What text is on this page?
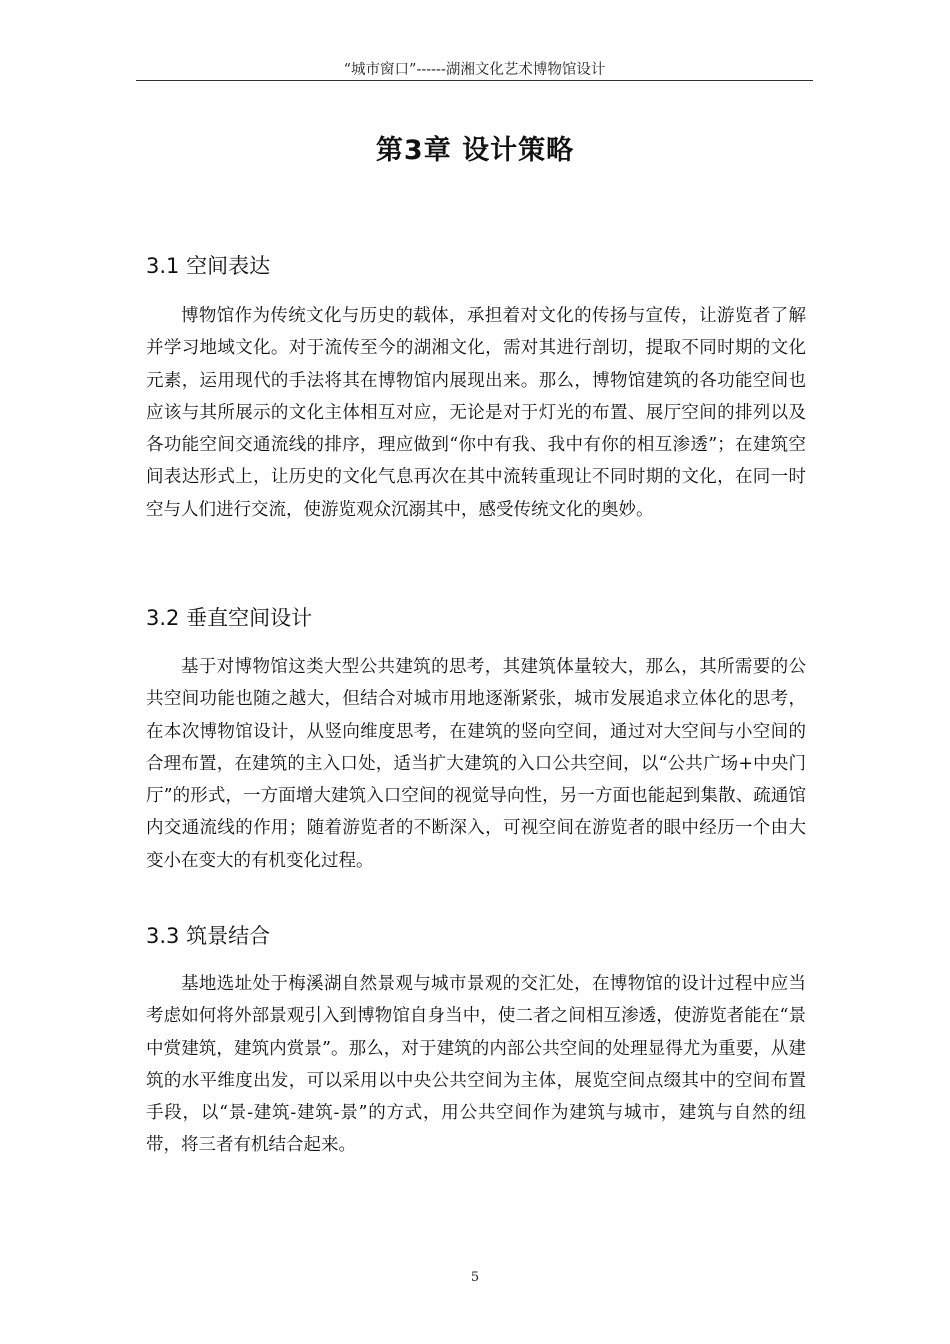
“城市窗口”------湖湘文化艺术博物馆设计
第3章 设计策略
3.1 空间表达

博物馆作为传统文化与历史的载体，承担着对文化的传扬与宣传，让游览者了解并学习地域文化。对于流传至今的湖湘文化，需对其进行剖切，提取不同时期的文化元素，运用现代的手法将其在博物馆内展现出来。那么，博物馆建筑的各功能空间也应该与其所展示的文化主体相互对应，无论是对于灯光的布置、展厅空间的排列以及各功能空间交通流线的排序，理应做到“你中有我、我中有你的相互渗透”；在建筑空间表达形式上，让历史的文化气息再次在其中流转重现让不同时期的文化，在同一时空与人们进行交流，使游览观众沉溺其中，感受传统文化的奥妙。

3.2 垂直空间设计

基于对博物馆这类大型公共建筑的思考，其建筑体量较大，那么，其所需要的公共空间功能也随之越大，但结合对城市用地逐渐紧张，城市发展追求立体化的思考，在本次博物馆设计，从竖向维度思考，在建筑的竖向空间，通过对大空间与小空间的合理布置，在建筑的主入口处，适当扩大建筑的入口公共空间，以“公共广场+中央门厅”的形式，一方面增大建筑入口空间的视觉导向性，另一方面也能起到集散、疏通馆内交通流线的作用；随着游览者的不断深入，可视空间在游览者的眼中经历一个由大变小在变大的有机变化过程。

3.3 筑景结合

基地选址处于梅溪湖自然景观与城市景观的交汇处，在博物馆的设计过程中应当考虑如何将外部景观引入到博物馆自身当中，使二者之间相互渗透，使游览者能在“景中赏建筑，建筑内赏景”。那么，对于建筑的内部公共空间的处理显得尤为重要，从建筑的水平维度出发，可以采用以中央公共空间为主体，展览空间点缀其中的空间布置手段，以“景-建筑-建筑-景”的方式，用公共空间作为建筑与城市，建筑与自然的纽带，将三者有机结合起来。

5
